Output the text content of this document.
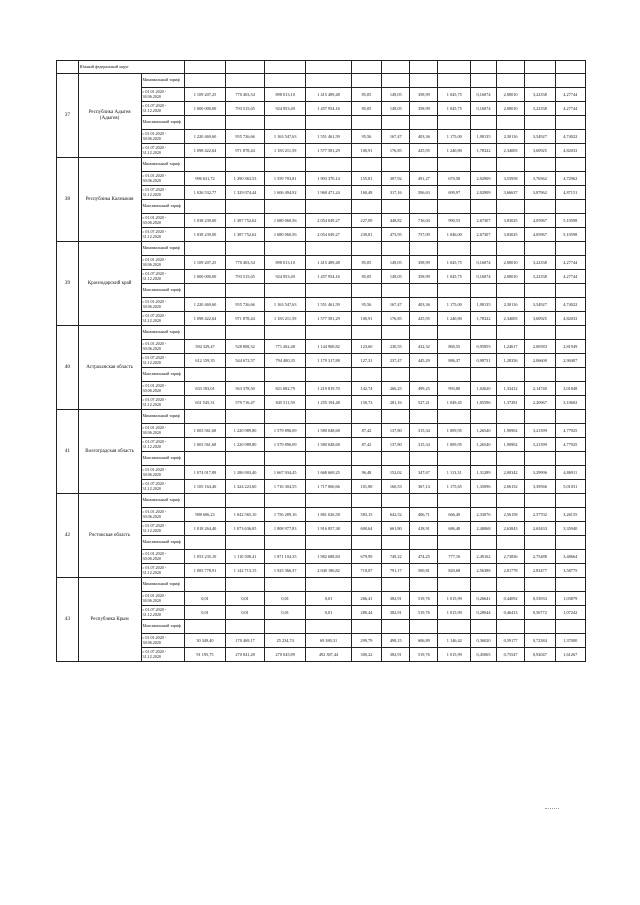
	Южный федеральный округ													
37	Республика Адыгея (Адыгея)	Минимальный тариф												
		с 01.01.2020 - 30.06.2020	1 109 207,25	770 403,54	898 013,10	1 415 489,48	85,05	149,05	358,99	1 045,75	0,16074	2,08010	3,22338	4,27744
		с 01.07.2020 - 31.12.2020	1 000 000,00	793 515,65	924 953,49	1 457 954,16	85,05	149,05	358,99	1 045,75	0,16074	2,08010	3,22338	4,27744
		Максимальный тариф												
		с 01.01.2020 - 30.06.2020	1 220 469,60	955 726,66	1 163 547,63	1 551 461,59	95,56	167,47	403,36	1 175,00	1,98135	2,30116	3,54927	4,74022
		с 01.07.2020 - 31.12.2020	1 098 422,64	971 878,44	1 183 211,59	1 577 581,29	100,91	176,85	425,95	1 240,80	1,78322	2,34005	3,60925	4,82033
38	Республика Калмыкия	Минимальный тариф												
		с 01.01.2020 - 30.06.2020	996 631,72	1 290 363,53	1 559 703,81	1 903 370,14	155,81	307,92	491,27	670,58	2,02909	3,55958	3,76562	4,72962
		с 01.07.2020 - 31.12.2020	1 026 532,77	1 329 074,44	1 606 494,92	1 960 471,24	160,48	317,16	506,63	699,97	2,02909	3,66637	3,87962	4,87151
		Максимальный тариф												
		с 01.01.2020 - 30.06.2020	1 038 239,00	1 387 752,62	1 680 060,56	2 054 049,27	227,09	448,82	716,04	990,53	2,67307	3,83025	4,05967	5,10598
		с 01.07.2020 - 31.12.2020	1 038 239,00	1 387 752,62	1 680 060,56	2 054 049,27	239,81	473,95	757,09	1 046,00	2,67307	3,83025	4,05967	5,10598
39	Краснодарский край	Минимальный тариф												
		с 01.01.2020 - 30.06.2020	1 109 207,25	770 403,54	898 013,10	1 415 489,48	85,05	149,05	358,99	1 045,75	0,16074	2,08010	3,22338	4,27744
		с 01.07.2020 - 31.12.2020	1 000 000,00	793 515,65	924 953,49	1 457 954,16	85,05	149,05	358,99	1 045,75	0,16074	2,08010	3,22338	4,27744
		Максимальный тариф												
		с 01.01.2020 - 30.06.2020	1 220 469,60	955 726,66	1 163 547,63	1 551 461,59	95,56	167,47	403,36	1 175,00	1,98135	2,30116	3,54927	4,74022
		с 01.07.2020 - 31.12.2020	1 098 422,64	971 878,44	1 183 211,59	1 577 581,29	100,91	176,85	425,95	1 240,80	1,78322	2,34005	3,60925	4,82033
40	Астраханская область	Минимальный тариф												
		с 01.01.2020 - 30.06.2020	594 329,47	528 808,32	771 262,48	1 144 968,82	123,60	230,55	432,32	860,55	0,95855	1,24617	2,00583	2,81949
		с 01.07.2020 - 31.12.2020	612 159,35	544 672,57	794 400,35	1 179 317,88	127,31	237,47	445,29	886,37	0,98731	1,28356	2,06600	2,90407
		Максимальный тариф												
		с 01.01.2020 - 30.06.2020	633 183,01	563 378,50	821 682,79	1 219 819,70	142,74	266,25	499,25	993,80	1,02620	1,33412	2,14740	3,01848
		с 01.07.2020 - 31.12.2020	651 545,31	579 716,47	845 511,59	1 255 194,48	150,73	281,16	527,21	1 049,45	1,05596	1,37281	2,20967	3,10602
41	Волгоградская область	Минимальный тариф												
		с 01.01.2020 - 30.06.2020	1 003 561,68	1 220 989,80	1 579 896,09	1 580 048,68	87,42	137,80	315,34	1 009,95	1,26540	1,90902	3,21399	4,77925
		с 01.07.2020 - 31.12.2020	1 003 561,68	1 220 989,80	1 579 896,09	1 580 048,68	87,42	137,80	315,34	1 009,95	1,26540	1,90902	3,21399	4,77925
		Максимальный тариф												
		с 01.01.2020 - 30.06.2020	1 074 017,89	1 286 903,40	1 667 934,45	1 668 669,25	96,48	152,02	347,67	1 113,31	1,31289	2,00342	3,29996	4,86911
		с 01.07.2020 - 31.12.2020	1 105 164,40	1 324 223,60	1 716 304,55	1 717 060,66	101,88	160,53	367,14	1 175,65	1,35096	2,06152	3,39566	5,01031
42	Ростовская область	Минимальный тариф												
		с 01.01.2020 - 30.06.2020	988 606,23	1 042 565,10	1 756 289,16	1 861 026,58	583,15	642,52	406,71	666,49	2,33076	2,56158	2,57702	3,26155
		с 01.07.2020 - 31.12.2020	1 018 264,40	1 073 636,05	1 808 977,83	1 916 857,38	600,64	661,80	418,91	686,48	2,40068	2,63843	2,65433	3,35940
		Максимальный тариф												
		с 01.01.2020 - 30.06.2020	1 053 235,10	1 110 508,41	1 871 104,35	1 982 688,84	679,99	749,22	474,25	777,16	2,49162	2,73836	2,75488	3,48664
		с 01.07.2020 - 31.12.2020	1 083 778,91	1 142 713,15	1 925 366,37	2 040 186,82	718,07	791,17	500,81	820,68	2,56388	2,81778	2,83477	3,58775
43	Республика Крым	Минимальный тариф												
		с 01.01.2020 - 30.06.2020	0,01	0,01	0,01	0,01	266,41	382,91	519,76	1 015,99	0,26641	0,44092	0,53933	1,03879
		с 01.07.2020 - 31.12.2020	0,01	0,01	0,01	0,01	280,44	382,91	519,76	1 015,99	0,28044	0,46413	0,56772	1,07242
		Максимальный тариф												
		с 01.01.2020 - 30.06.2020	30 349,40	170 469,17	25 234,74	69 380,31	299,79	498,15	606,89	1 146,42	0,36020	0,59177	0,72384	1,37000
		с 01.07.2020 - 31.12.2020	91 195,75	270 841,28	270 045,89	492 387,44	300,22	382,91	519,76	1 015,99	0,45065	0,75547	0,92047	1,61267
